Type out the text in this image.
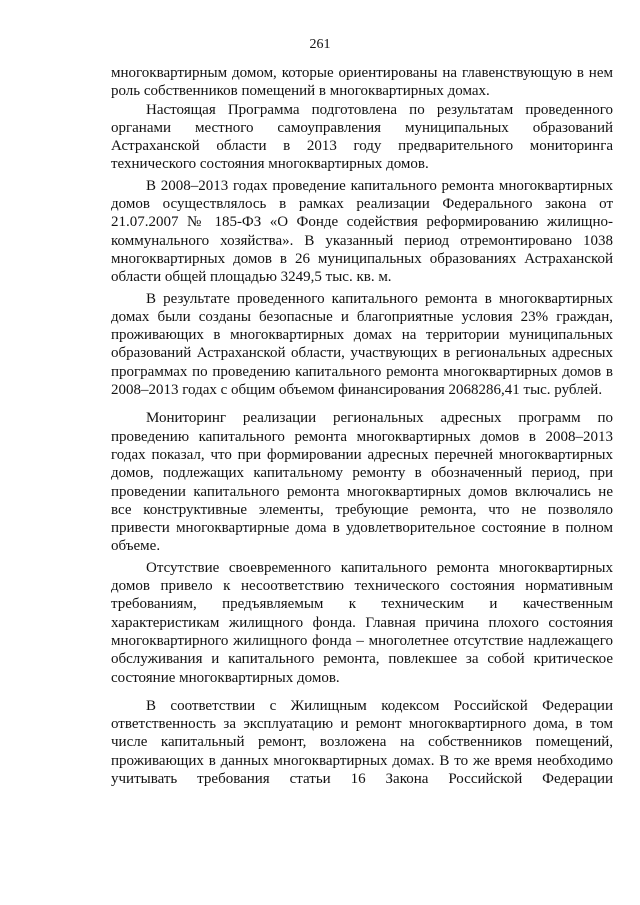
261

многоквартирным домом, которые ориентированы на главенствующую в нем роль собственников помещений в многоквартирных домах.

Настоящая Программа подготовлена по результатам проведенного органами местного самоуправления муниципальных образований Астраханской области в 2013 году предварительного мониторинга технического состояния многоквартирных домов.

В 2008–2013 годах проведение капитального ремонта многоквартирных домов осуществлялось в рамках реализации Федерального закона от 21.07.2007 № 185-ФЗ «О Фонде содействия реформированию жилищно-коммунального хозяйства». В указанный период отремонтировано 1038 многоквартирных домов в 26 муниципальных образованиях Астраханской области общей площадью 3249,5 тыс. кв. м.

В результате проведенного капитального ремонта в многоквартирных домах были созданы безопасные и благоприятные условия 23% граждан, проживающих в многоквартирных домах на территории муниципальных образований Астраханской области, участвующих в региональных адресных программах по проведению капитального ремонта многоквартирных домов в 2008–2013 годах с общим объемом финансирования 2068286,41 тыс. рублей.

Мониторинг реализации региональных адресных программ по проведению капитального ремонта многоквартирных домов в 2008–2013 годах показал, что при формировании адресных перечней многоквартирных домов, подлежащих капитальному ремонту в обозначенный период, при проведении капитального ремонта многоквартирных домов включались не все конструктивные элементы, требующие ремонта, что не позволяло привести многоквартирные дома в удовлетворительное состояние в полном объеме.

Отсутствие своевременного капитального ремонта многоквартирных домов привело к несоответствию технического состояния нормативным требованиям, предъявляемым к техническим и качественным характеристикам жилищного фонда. Главная причина плохого состояния многоквартирного жилищного фонда – многолетнее отсутствие надлежащего обслуживания и капитального ремонта, повлекшее за собой критическое состояние многоквартирных домов.

В соответствии с Жилищным кодексом Российской Федерации ответственность за эксплуатацию и ремонт многоквартирного дома, в том числе капитальный ремонт, возложена на собственников помещений, проживающих в данных многоквартирных домах. В то же время необходимо учитывать требования статьи 16 Закона Российской Федерации
